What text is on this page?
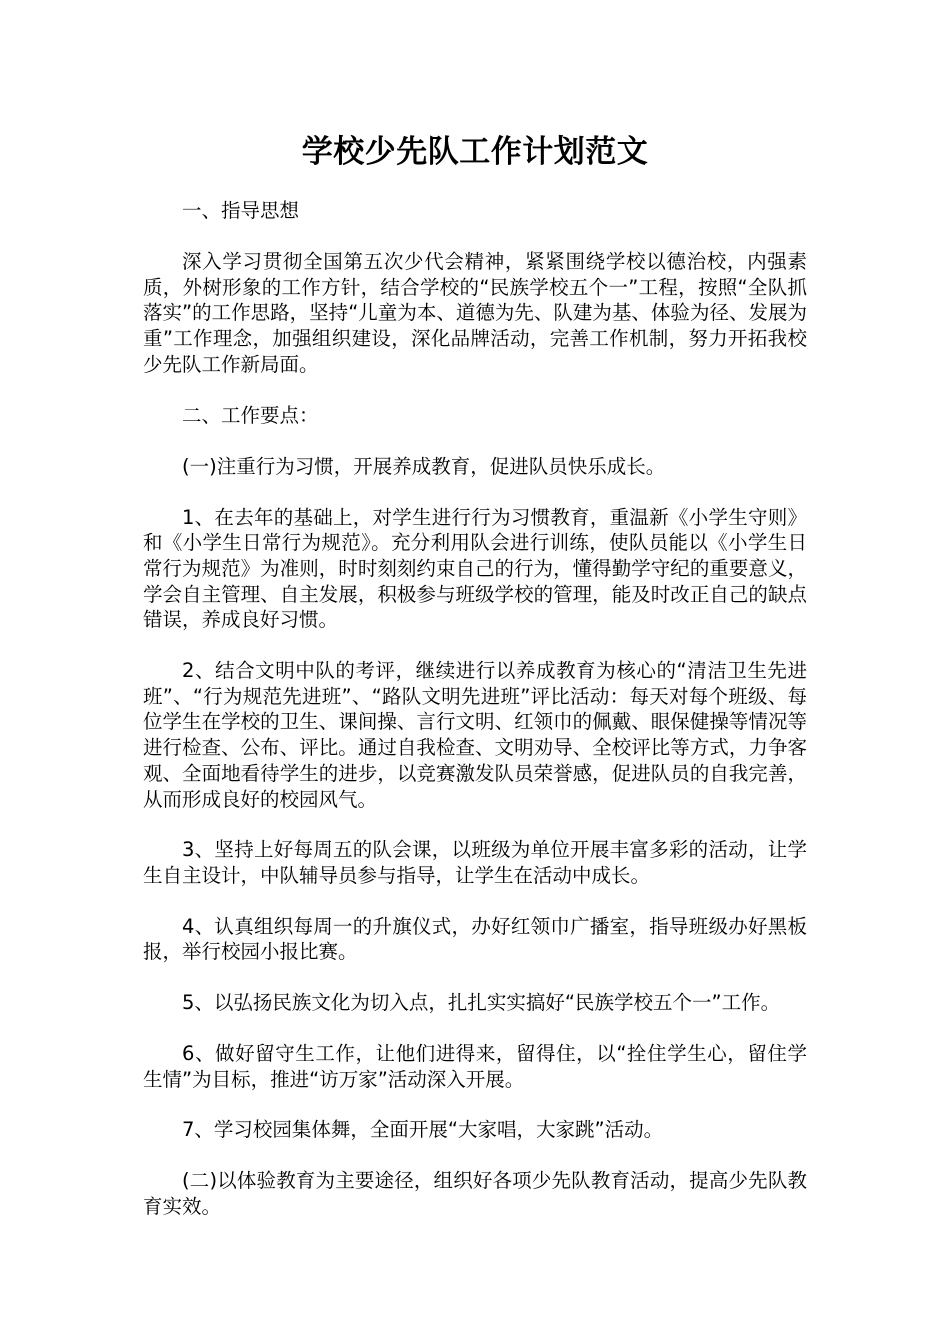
学校少先队工作计划范文

一、指导思想

深入学习贯彻全国第五次少代会精神，紧紧围绕学校以德治校，内强素质，外树形象的工作方针，结合学校的“民族学校五个一”工程，按照“全队抓落实”的工作思路，坚持“儿童为本、道德为先、队建为基、体验为径、发展为重”工作理念，加强组织建设，深化品牌活动，完善工作机制，努力开拓我校少先队工作新局面。

二、工作要点：

(一)注重行为习惯，开展养成教育，促进队员快乐成长。

1、在去年的基础上，对学生进行行为习惯教育，重温新《小学生守则》和《小学生日常行为规范》。充分利用队会进行训练，使队员能以《小学生日常行为规范》为准则，时时刻刻约束自己的行为，懂得勤学守纪的重要意义，学会自主管理、自主发展，积极参与班级学校的管理，能及时改正自己的缺点错误，养成良好习惯。

2、结合文明中队的考评，继续进行以养成教育为核心的“清洁卫生先进班”、“行为规范先进班”、“路队文明先进班”评比活动：每天对每个班级、每位学生在学校的卫生、课间操、言行文明、红领巾的佩戴、眼保健操等情况等进行检查、公布、评比。通过自我检查、文明劝导、全校评比等方式，力争客观、全面地看待学生的进步，以竞赛激发队员荣誉感，促进队员的自我完善，从而形成良好的校园风气。

3、坚持上好每周五的队会课，以班级为单位开展丰富多彩的活动，让学生自主设计，中队辅导员参与指导，让学生在活动中成长。

4、认真组织每周一的升旗仪式，办好红领巾广播室，指导班级办好黑板报，举行校园小报比赛。

5、以弘扬民族文化为切入点，扎扎实实搞好“民族学校五个一”工作。

6、做好留守生工作，让他们进得来，留得住，以“拴住学生心，留住学生情”为目标，推进“访万家”活动深入开展。

7、学习校园集体舞，全面开展“大家唱，大家跳”活动。

(二)以体验教育为主要途径，组织好各项少先队教育活动，提高少先队教育实效。
